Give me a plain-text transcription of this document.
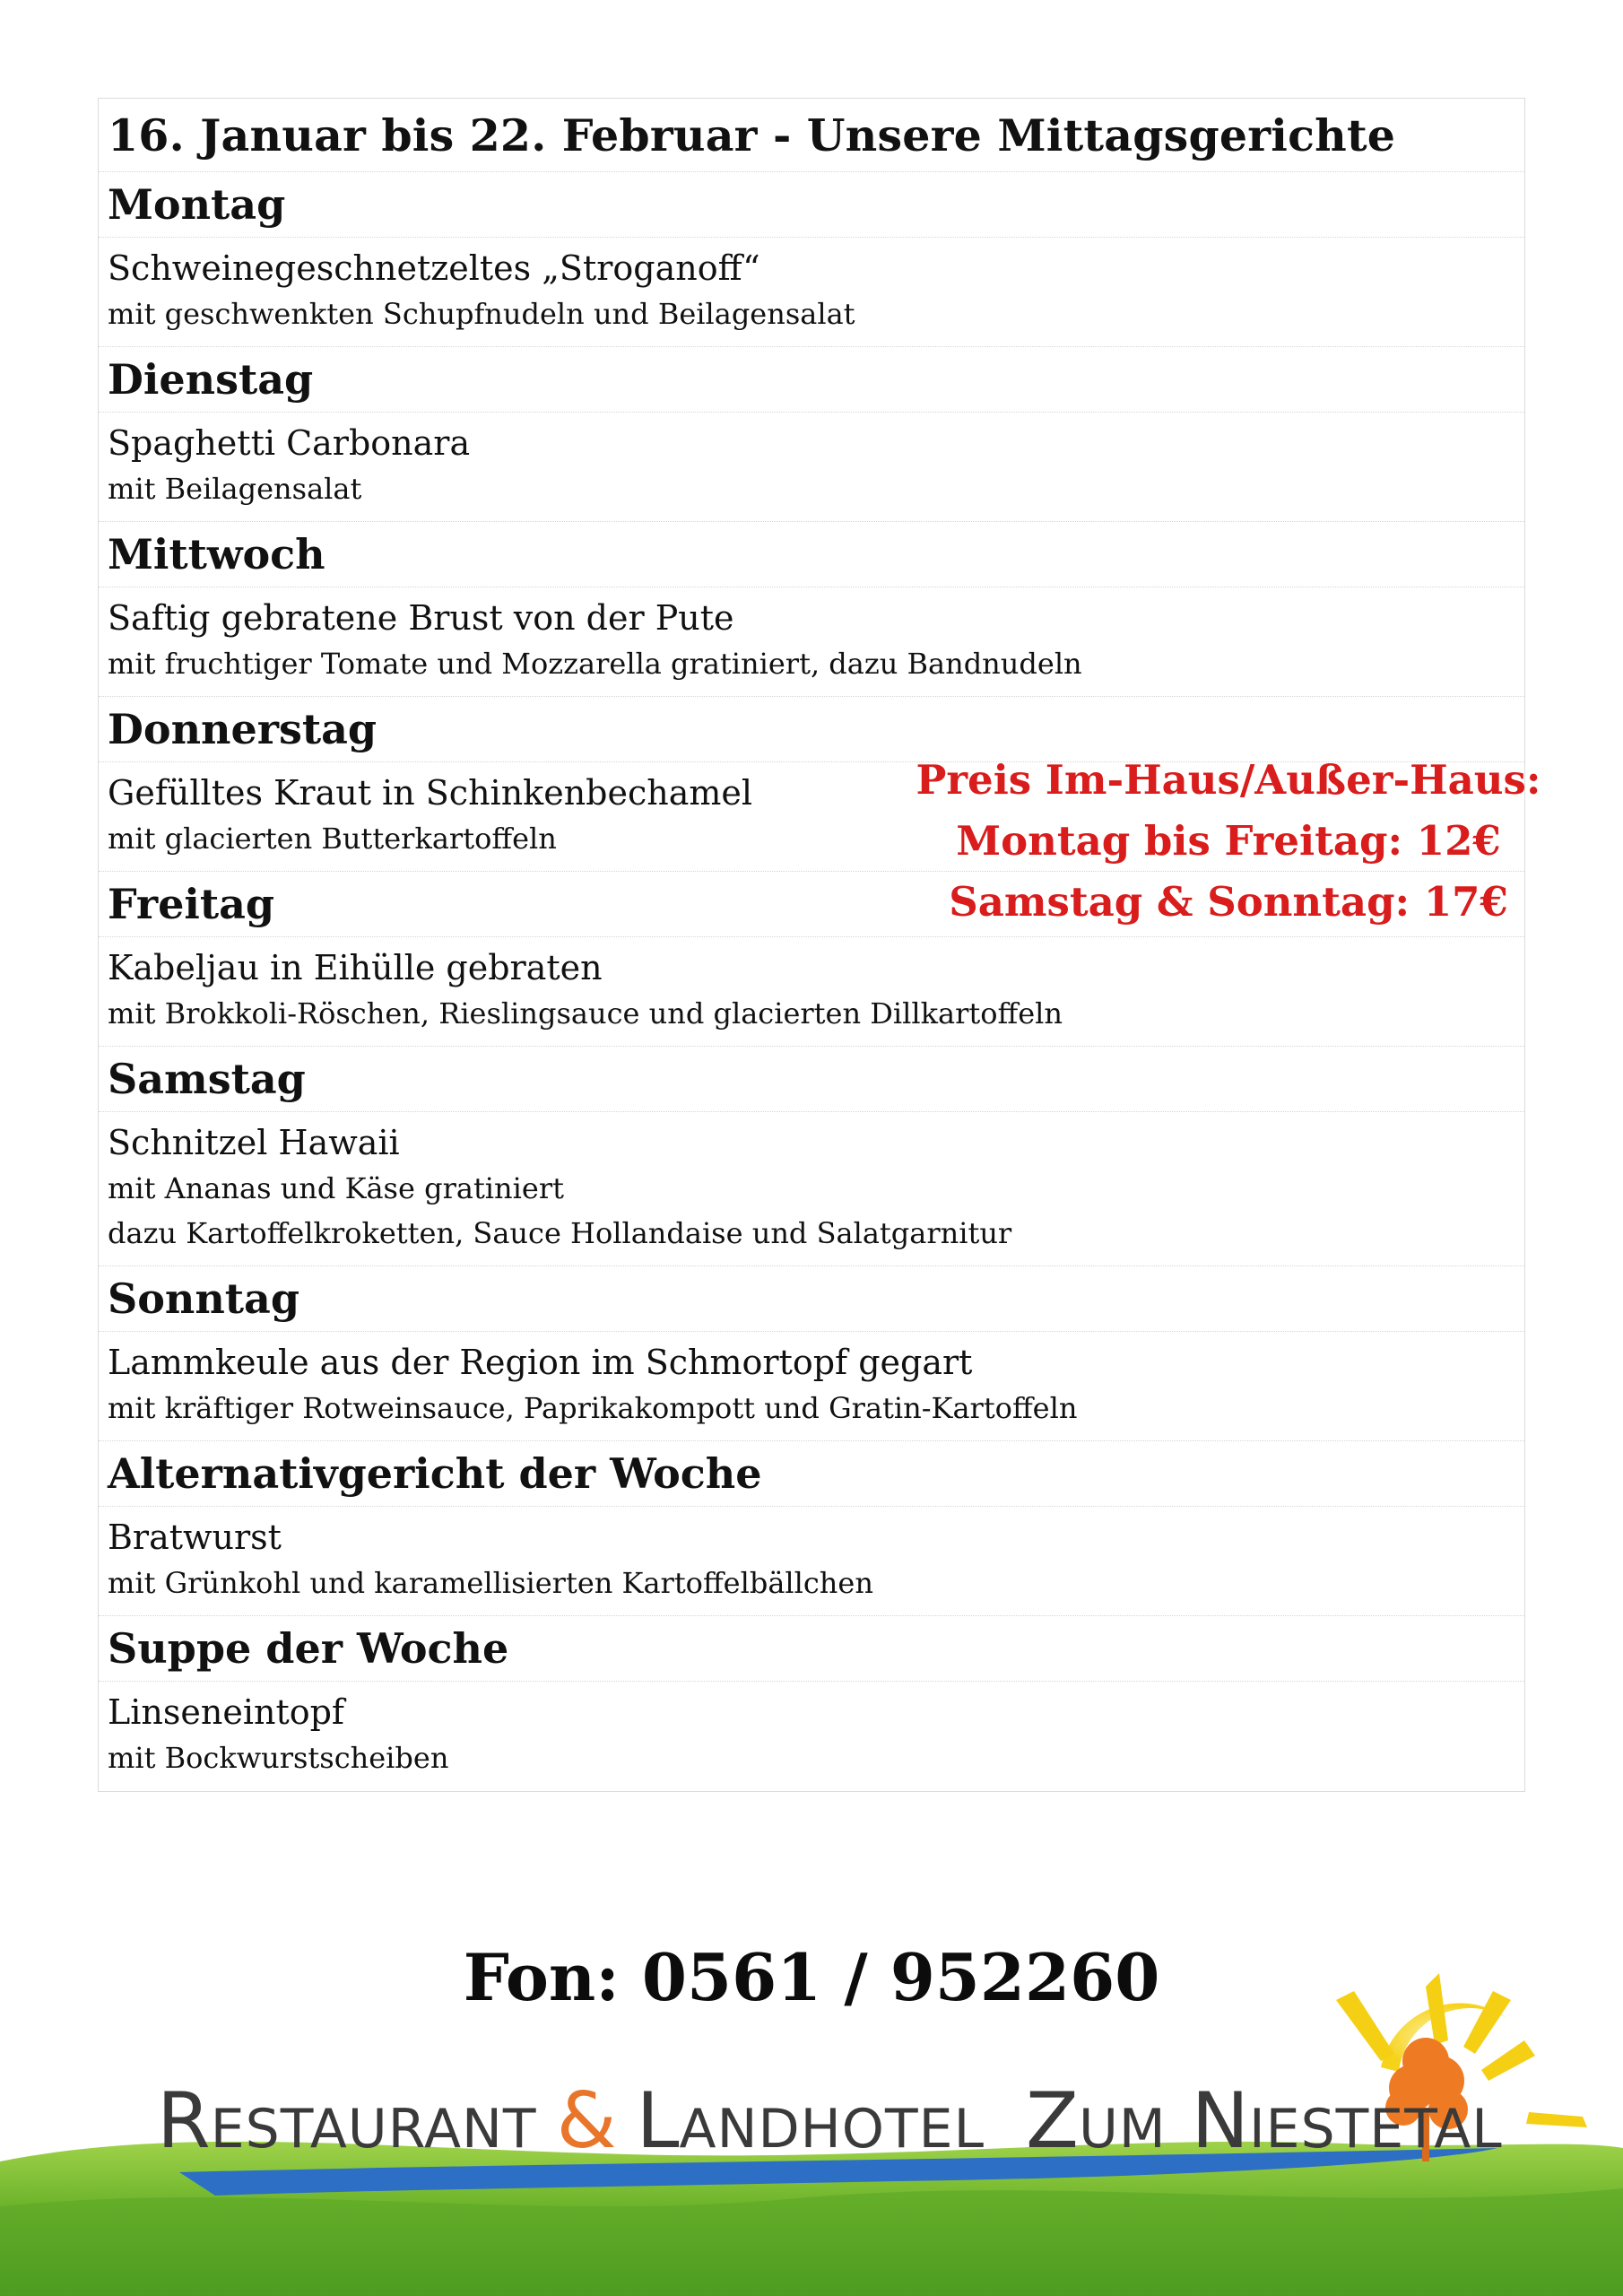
16. Januar bis 22. Februar - Unsere Mittagsgerichte
Montag
Schweinegeschnetzeltes „Stroganoff“
mit geschwenkten Schupfnudeln und Beilagensalat
Dienstag
Spaghetti Carbonara
mit Beilagensalat
Mittwoch
Saftig gebratene Brust von der Pute
mit fruchtiger Tomate und Mozzarella gratiniert, dazu Bandnudeln
Donnerstag
Gefülltes Kraut in Schinkenbechamel
mit glacierten Butterkartoffeln
Freitag
Kabeljau in Eihülle gebraten
mit Brokkoli-Röschen, Rieslingsauce und glacierten Dillkartoffeln
Samstag
Schnitzel Hawaii
mit Ananas und Käse gratiniert
dazu Kartoffelkroketten, Sauce Hollandaise und Salatgarnitur
Sonntag
Lammkeule aus der Region im Schmortopf gegart
mit kräftiger Rotweinsauce, Paprikakompott und Gratin-Kartoffeln
Alternativgericht der Woche
Bratwurst
mit Grünkohl und karamellisierten Kartoffelbällchen
Suppe der Woche
Linseneintopf
mit Bockwurstscheiben
Preis Im-Haus/Außer-Haus:
Montag bis Freitag: 12€
Samstag & Sonntag: 17€
Fon: 0561 / 952260
RESTAURANT & LANDHOTEL ZUM NIESTETAL
